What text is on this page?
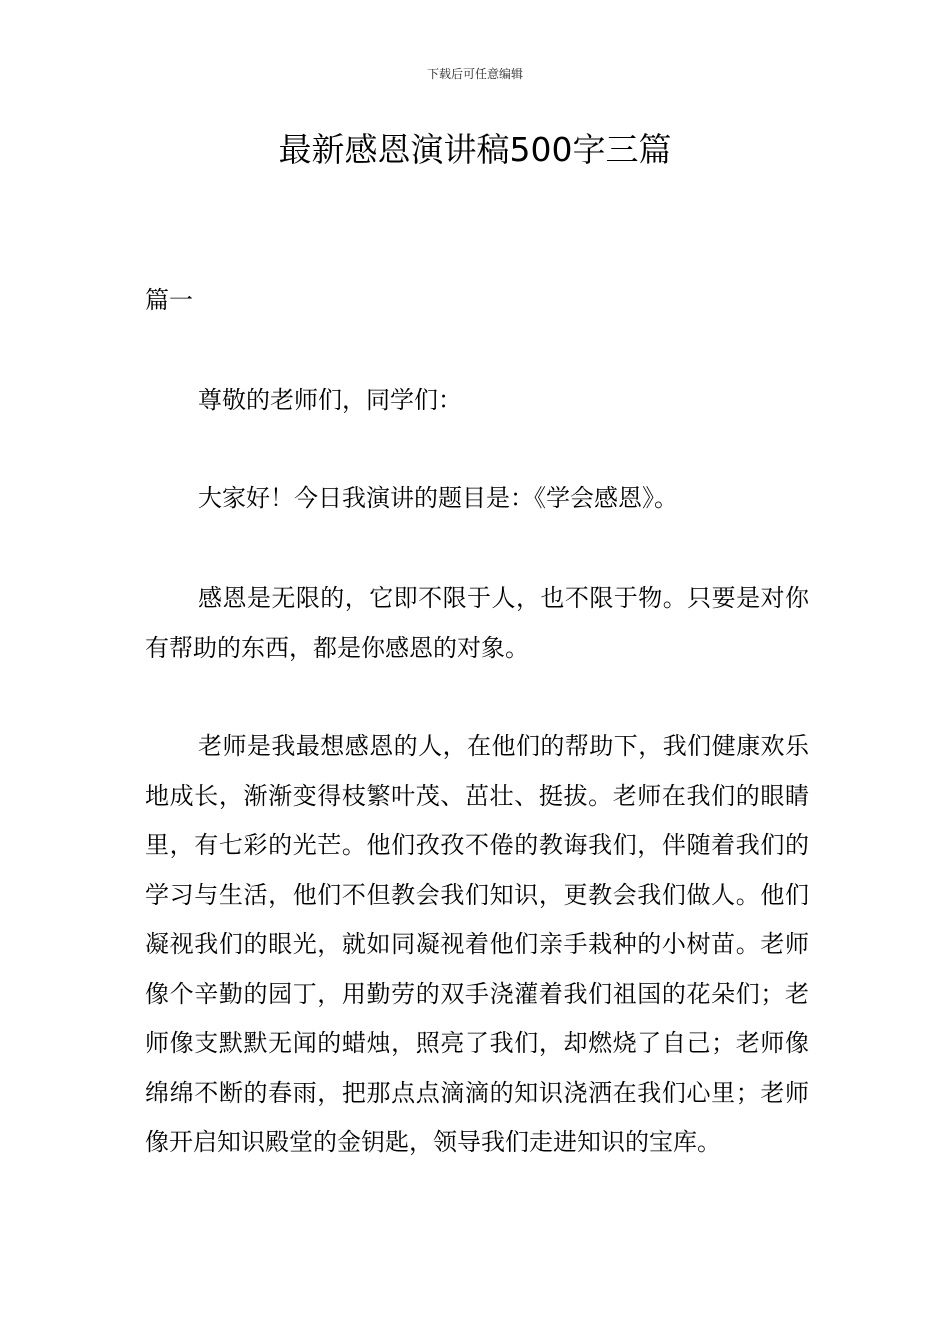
下载后可任意编辑
最新感恩演讲稿500字三篇
篇一

尊敬的老师们，同学们：

大家好！今日我演讲的题目是：《学会感恩》。

感恩是无限的，它即不限于人，也不限于物。只要是对你有帮助的东西，都是你感恩的对象。

老师是我最想感恩的人，在他们的帮助下，我们健康欢乐地成长，渐渐变得枝繁叶茂、茁壮、挺拔。老师在我们的眼睛里，有七彩的光芒。他们孜孜不倦的教诲我们，伴随着我们的学习与生活，他们不但教会我们知识，更教会我们做人。他们凝视我们的眼光，就如同凝视着他们亲手栽种的小树苗。老师像个辛勤的园丁，用勤劳的双手浇灌着我们祖国的花朵们；老师像支默默无闻的蜡烛，照亮了我们，却燃烧了自己；老师像绵绵不断的春雨，把那点点滴滴的知识浇洒在我们心里；老师像开启知识殿堂的金钥匙，领导我们走进知识的宝库。
